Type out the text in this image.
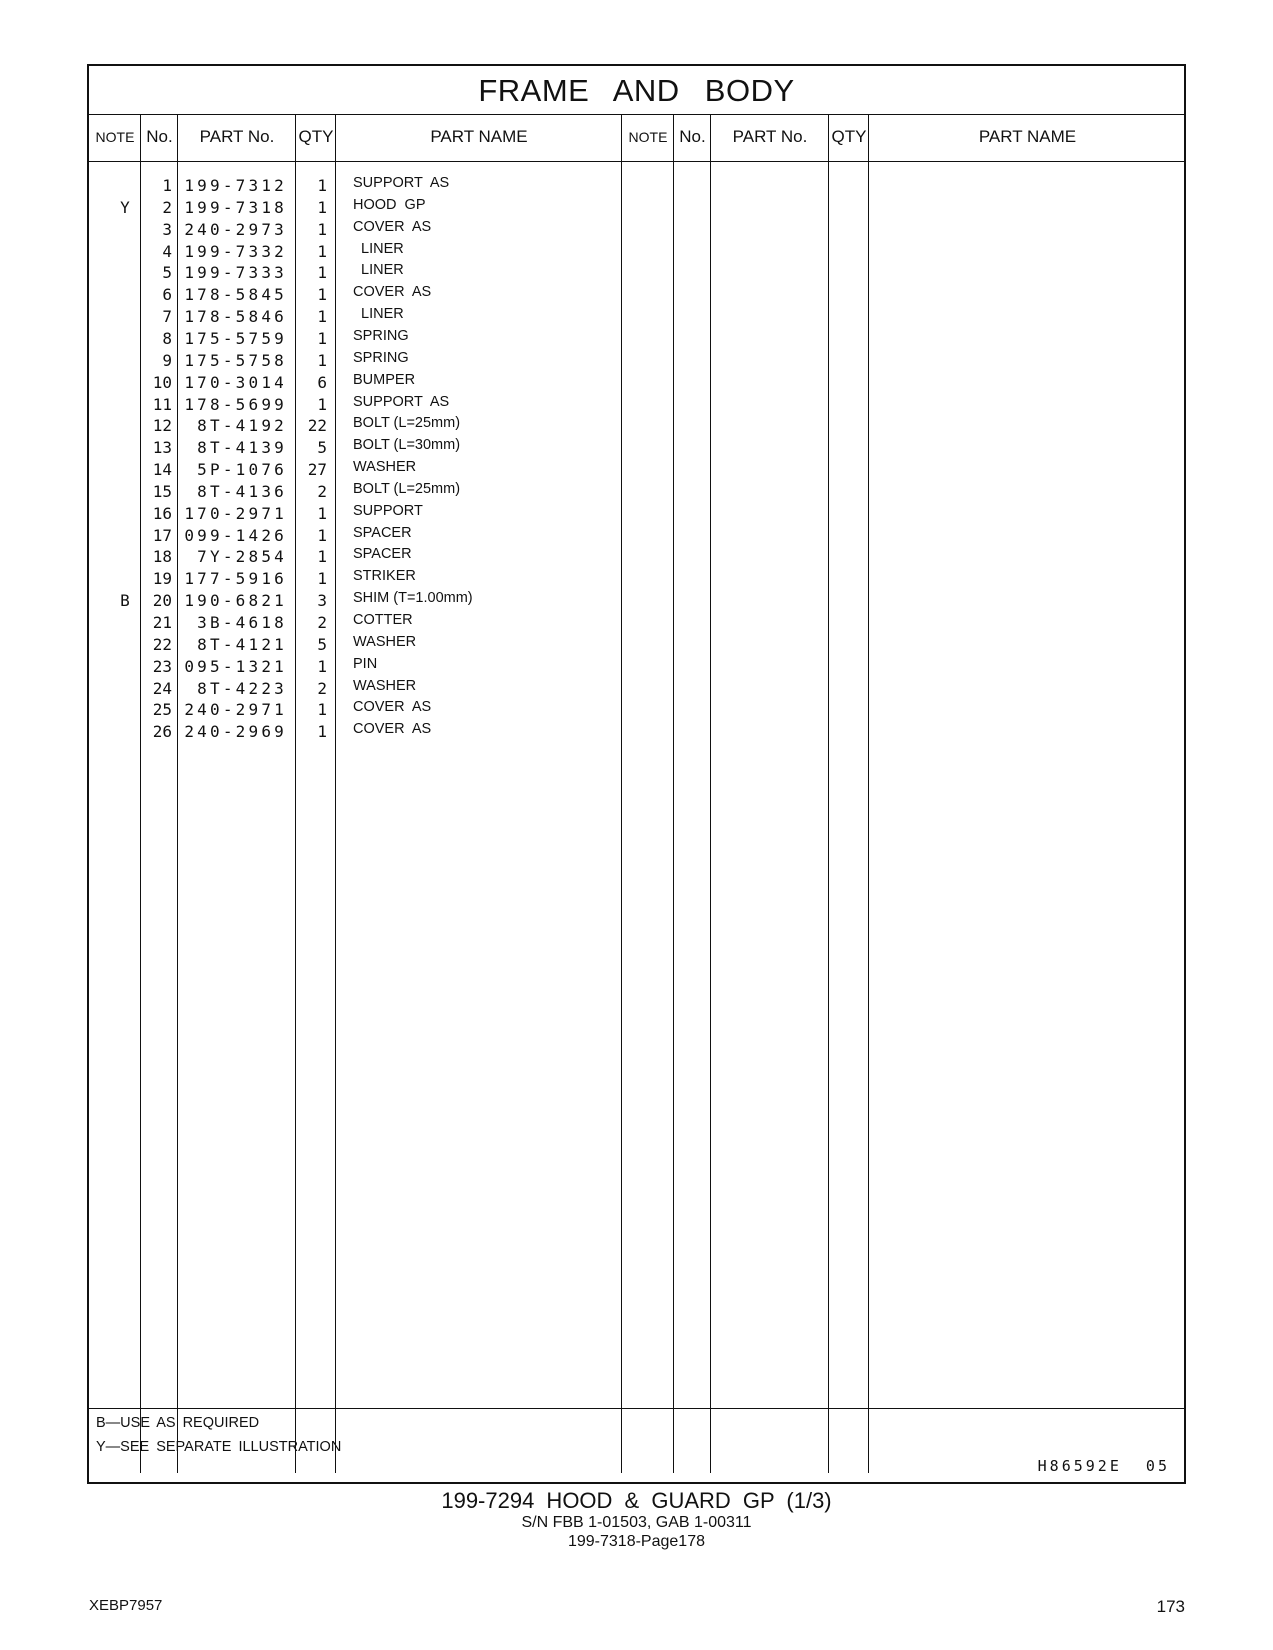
FRAME AND BODY
NOTE No.	PART No.	QTY	PART NAME	NOTE No.	PART No.	QTY	PART NAME
1 199-7312	1 SUPPORT  AS
Y	2 199-7318	1 HOOD  GP
3 240-2973	1 COVER  AS
4 199-7332	1 LINER
5 199-7333	1 LINER
6 178-5845	1 COVER  AS
7 178-5846	1 LINER
8 175-5759	1 SPRING
9 175-5758	1 SPRING
10 170-3014	6 BUMPER
11 178-5699	1 SUPPORT  AS
12	8T-4192	22 BOLT (L=25mm)
13	8T-4139	5 BOLT (L=30mm)
14	5P-1076	27 WASHER
15	8T-4136	2 BOLT (L=25mm)
16 170-2971	1 SUPPORT
17 099-1426	1 SPACER
18	7Y-2854	1 SPACER
19 177-5916	1 STRIKER
B	20 190-6821	3 SHIM (T=1.00mm)
21	3B-4618	2 COTTER
22	8T-4121	5 WASHER
23 095-1321	1 PIN
24	8T-4223	2 WASHER
25 240-2971	1 COVER  AS
26 240-2969	1 COVER  AS
B—USE AS REQUIRED
Y—SEE SEPARATE ILLUSTRATION
H86592E  05
199-7294 HOOD & GUARD GP (1/3)
S/N FBB 1-01503, GAB 1-00311
199-7318-Page178
XEBP7957	173
